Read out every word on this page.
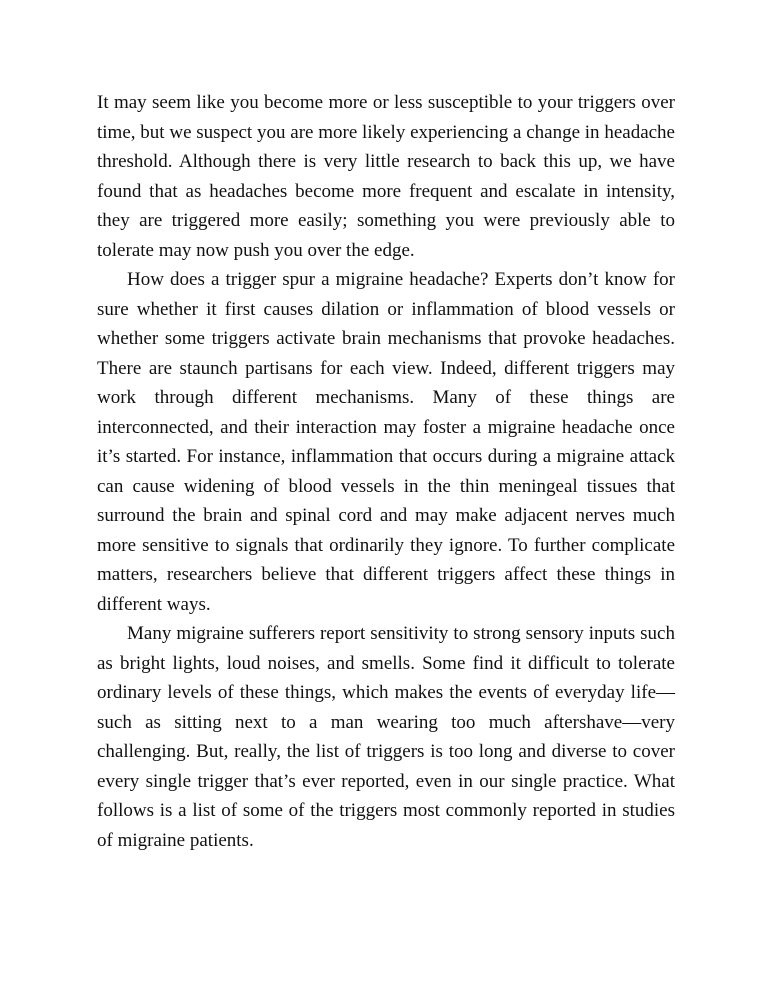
It may seem like you become more or less susceptible to your triggers over time, but we suspect you are more likely experiencing a change in headache threshold. Although there is very little research to back this up, we have found that as headaches become more frequent and escalate in intensity, they are triggered more easily; something you were previously able to tolerate may now push you over the edge.

How does a trigger spur a migraine headache? Experts don’t know for sure whether it first causes dilation or inflammation of blood vessels or whether some triggers activate brain mechanisms that provoke headaches. There are staunch partisans for each view. Indeed, different triggers may work through different mechanisms. Many of these things are interconnected, and their interaction may foster a migraine headache once it’s started. For instance, inflammation that occurs during a migraine attack can cause widening of blood vessels in the thin meningeal tissues that surround the brain and spinal cord and may make adjacent nerves much more sensitive to signals that ordinarily they ignore. To further complicate matters, researchers believe that different triggers affect these things in different ways.

Many migraine sufferers report sensitivity to strong sensory inputs such as bright lights, loud noises, and smells. Some find it difficult to tolerate ordinary levels of these things, which makes the events of everyday life—such as sitting next to a man wearing too much aftershave—very challenging. But, really, the list of triggers is too long and diverse to cover every single trigger that’s ever reported, even in our single practice. What follows is a list of some of the triggers most commonly reported in studies of migraine patients.
